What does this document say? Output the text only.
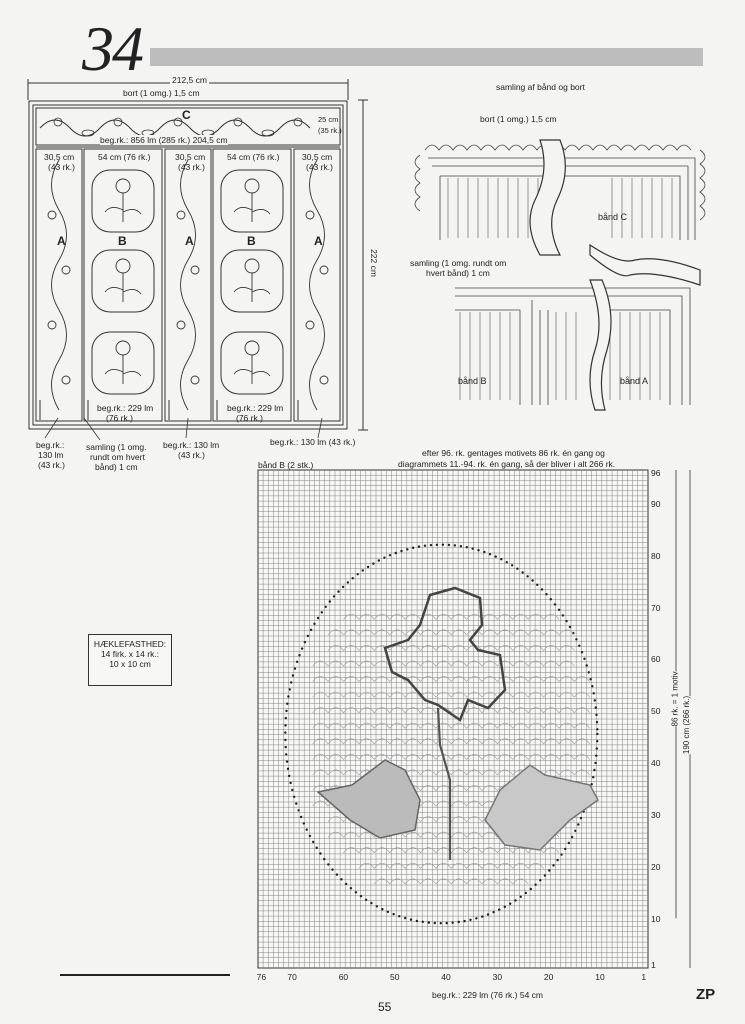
34	212,5 cm
bort (1 omg.) 1,5 cm
C
beg.rk.: 856 lm (285 rk.) 204,5 cm
25 cm
(35 rk.)
222 cm
30,5 cm
(43 rk.)
54 cm (76 rk.)	30,5 cm
(43 rk.)
54 cm (76 rk.)	30,5 cm
(43 rk.)
A	B	A	B	A
beg.rk.: 229 lm
(76 rk.)
beg.rk.: 229 lm
(76 rk.)
beg.rk.:
130 lm
(43 rk.)
samling (1 omg.
rundt om hvert
bånd) 1 cm
beg.rk.: 130 lm
(43 rk.)
beg.rk.: 130 lm (43 rk.)
samling af bånd og bort
bort (1 omg.) 1,5 cm
bånd C
samling (1 omg. rundt om
hvert bånd) 1 cm
bånd B	bånd A
efter 96. rk. gentages motivets 86 rk. én gang og
diagrammets 11.-94. rk. én gang, så der bliver i alt 266 rk.
bånd B (2 stk.)
96
90
80
70
60
50
40
30
20
10
1
76	70	60	50	40	30	20	10	1
86 rk. = 1 motiv 190 cm (266 rk.)
beg.rk.: 229 lm (76 rk.) 54 cm
HÆKLEFASTHED:
14 firk. x 14 rk.:
10 x 10 cm
55
ZP
